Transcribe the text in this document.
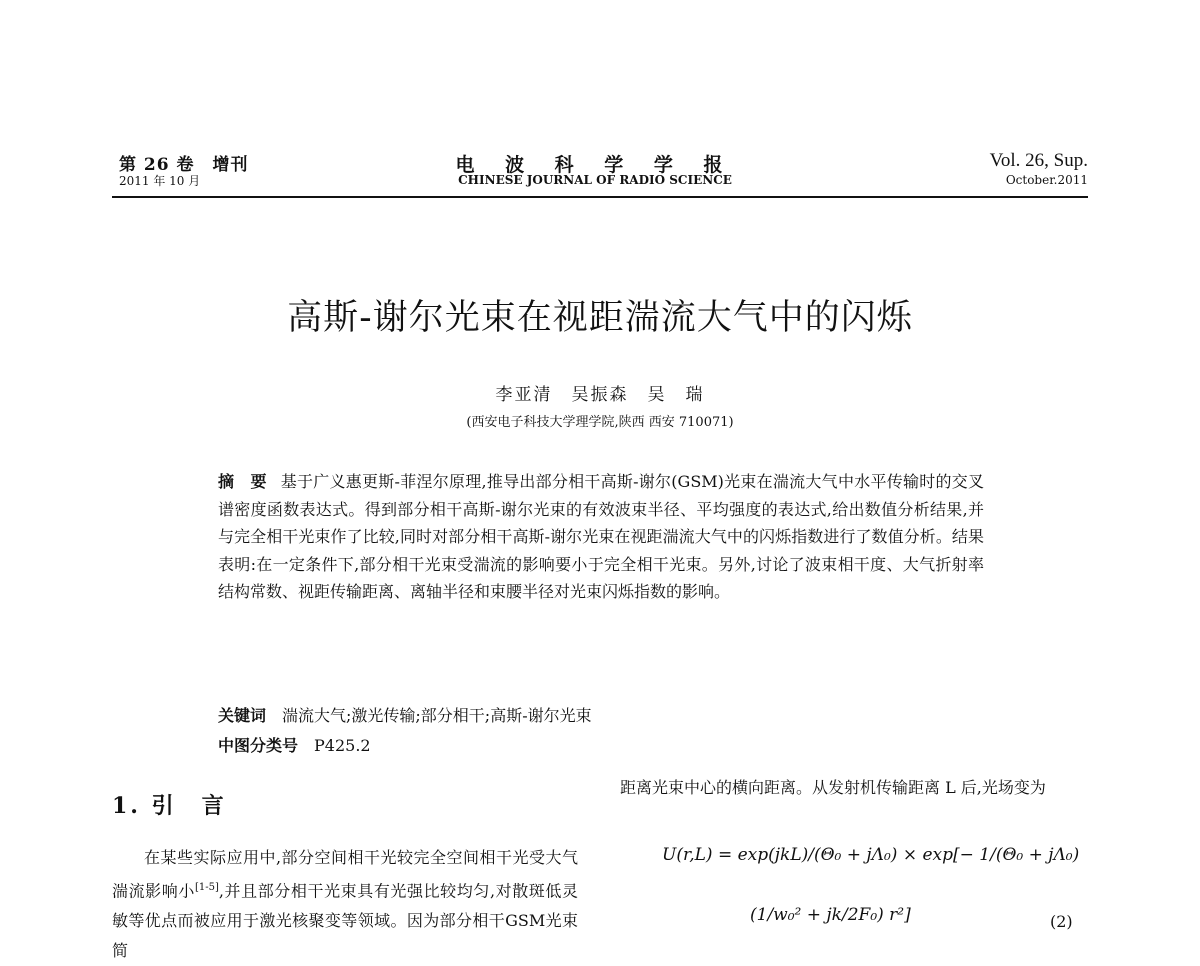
第 26 卷　增刊
2011 年 10 月
电 波 科 学 学 报
CHINESE JOURNAL OF RADIO SCIENCE
Vol. 26, Sup.
October.2011
高斯-谢尔光束在视距湍流大气中的闪烁
李亚清　吴振森　吴　瑞
(西安电子科技大学理学院,陕西 西安 710071)
摘　要 基于广义惠更斯-菲涅尔原理,推导出部分相干高斯-谢尔(GSM)光束在湍流大气中水平传输时的交叉谱密度函数表达式。得到部分相干高斯-谢尔光束的有效波束半径、平均强度的表达式,给出数值分析结果,并与完全相干光束作了比较,同时对部分相干高斯-谢尔光束在视距湍流大气中的闪烁指数进行了数值分析。结果表明:在一定条件下,部分相干光束受湍流的影响要小于完全相干光束。另外,讨论了波束相干度、大气折射率结构常数、视距传输距离、离轴半径和束腰半径对光束闪烁指数的影响。
关键词 湍流大气;激光传输;部分相干;高斯-谢尔光束
中图分类号 P425.2
1. 引　言

在某些实际应用中,部分空间相干光较完全空间相干光受大气湍流影响小[1-5],并且部分相干光束具有光强比较均匀,对散斑低灵敏等优点而被应用于激光核聚变等领域。因为部分相干GSM光束简

距离光束中心的横向距离。从发射机传输距离 L 后,光场变为
U(r,L) = exp(jkL)/(Θ₀ + jΛ₀) × exp[− 1/(Θ₀ + jΛ₀)
(1/w₀² + jk/2F₀) r²]	(2)
